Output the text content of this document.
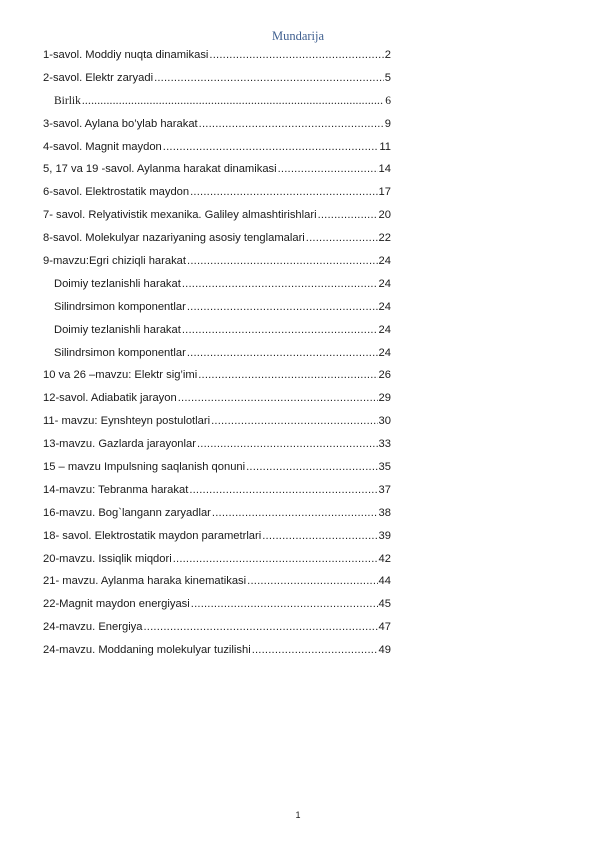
Mundarija
1-savol. Moddiy nuqta dinamikasi .....	2
2-savol. Elektr zaryadi .....	5
Birlik .....	6
3-savol. Aylana bo’ylab harakat .....	9
4-savol. Magnit maydon .....	11
5, 17 va 19 -savol. Aylanma harakat dinamikasi .....	14
6-savol. Elektrostatik maydon .....	17
7- savol. Relyativistik mexanika. Galiley almashtirishlari .....	20
8-savol. Molekulyar nazariyaning asosiy tenglamalari .....	22
9-mavzu:Egri chiziqli harakat .....	24
Doimiy tezlanishli harakat .....	24
Silindrsimon komponentlar .....	24
Doimiy tezlanishli harakat .....	24
Silindrsimon komponentlar .....	24
10 va 26 –mavzu: Elektr sig’imi .....	26
12-savol. Adiabatik jarayon .....	29
11- mavzu: Eynshteyn postulotlari .....	30
13-mavzu. Gazlarda jarayonlar .....	33
15 – mavzu Impulsning saqlanish qonuni .....	35
14-mavzu: Tebranma harakat .....	37
16-mavzu. Bog`langann zaryadlar .....	38
18- savol. Elektrostatik maydon parametrlari .....	39
20-mavzu. Issiqlik miqdori .....	42
21- mavzu. Aylanma haraka kinematikasi .....	44
22-Magnit maydon energiyasi .....	45
24-mavzu. Energiya .....	47
24-mavzu. Moddaning molekulyar tuzilishi .....	49
1
